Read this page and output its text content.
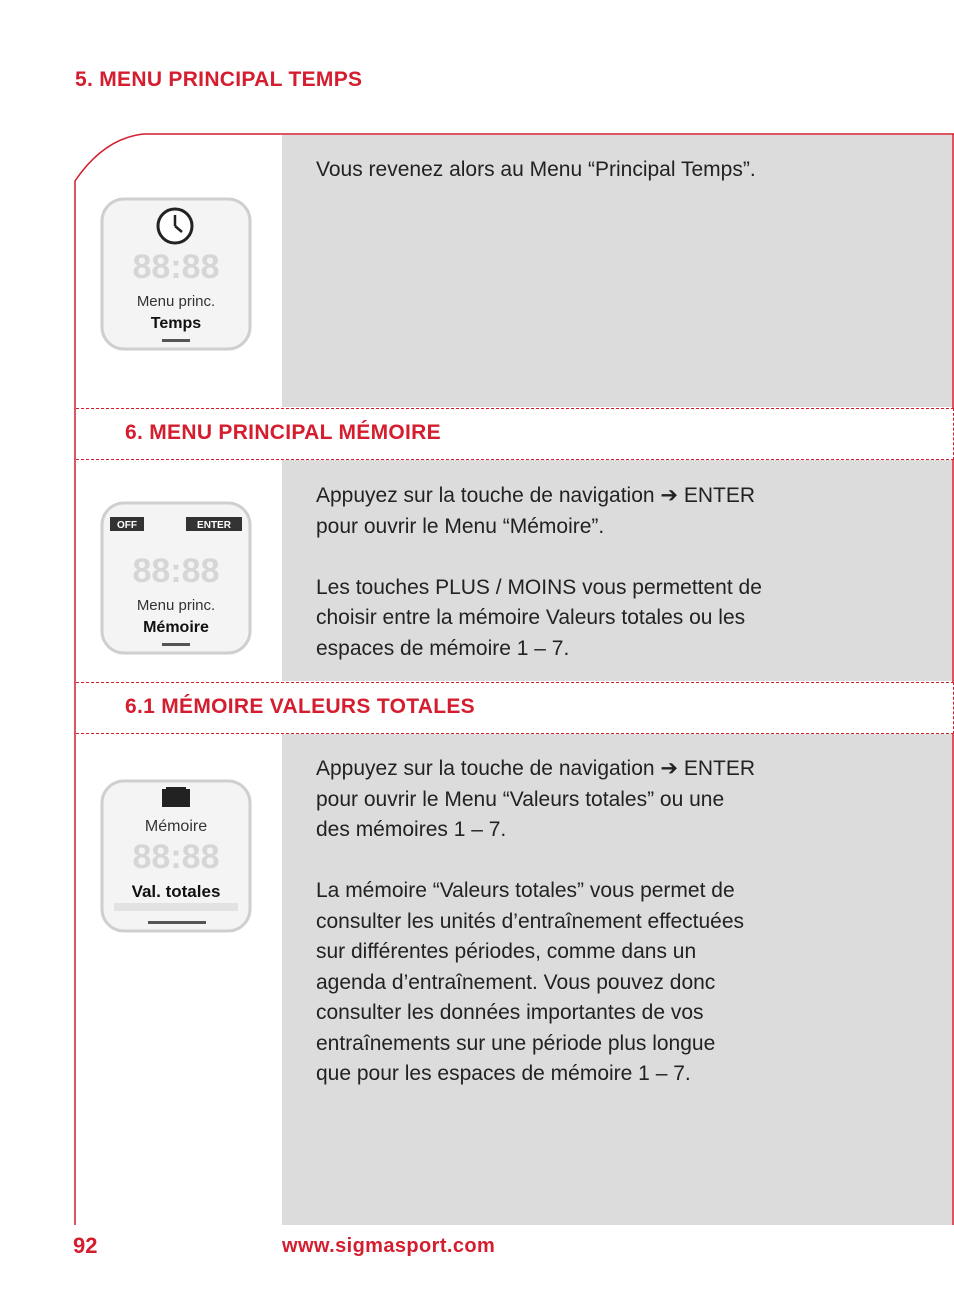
5. MENU PRINCIPAL TEMPS
6. MENU PRINCIPAL MÉMOIRE
6.1 MÉMOIRE VALEURS TOTALES
88:88
Menu princ.
Temps
OFF	ENTER
88:88
Menu princ.
Mémoire
Mémoire
88:88
Val. totales

Vous revenez alors au Menu “Principal Temps”.

Appuyez sur la touche de navigation ➔ ENTER
pour ouvrir le Menu “Mémoire”.

Les touches PLUS / MOINS vous permettent de
choisir entre la mémoire Valeurs totales ou les
espaces de mémoire 1 – 7.

Appuyez sur la touche de navigation ➔ ENTER
pour ouvrir le Menu “Valeurs totales” ou une
des mémoires 1 – 7.

La mémoire “Valeurs totales” vous permet de
consulter les unités d’entraînement effectuées
sur différentes périodes, comme dans un
agenda d’entraînement. Vous pouvez donc
consulter les données importantes de vos
entraînements sur une période plus longue
que pour les espaces de mémoire 1 – 7.

92	www.sigmasport.com
